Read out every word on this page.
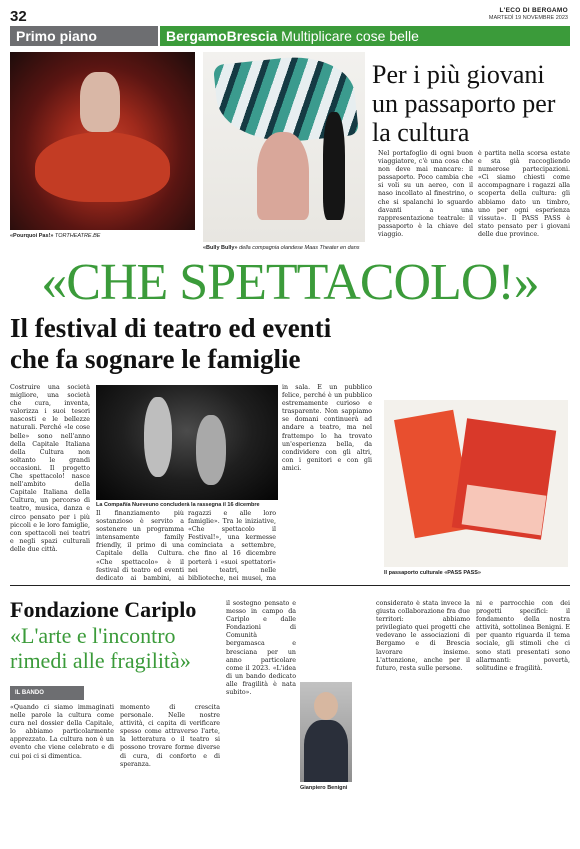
32	L'ECO DI BERGAMO
MARTEDÌ 19 NOVEMBRE 2023
Primo piano	BergamoBrescia Multiplicare cose belle
«Pourquoi Pas!» TORTHEATRE.BE
«Bully Bully» della compagnia olandese Maas Theater en dans
Per i più giovani un passaporto per la cultura
«CHE SPETTACOLO!»
Il festival di teatro ed eventi che fa sognare le famiglie
Costruire una società migliore, una società che cura, inventa, valorizza i suoi tesori nascosti e le bellezze naturali. Perché «le cose belle» sono nell'anno della Capitale Italiana della Cultura non soltanto le grandi occasioni. Il progetto Che spettacolo! nasce nell'ambito della Capitale Italiana della Cultura, un percorso di teatro, musica, danza e circo pensato per i più piccoli e le loro famiglie, con spettacoli nei teatri e negli spazi culturali delle due città.
Il finanziamento più sostanzioso è servito a sostenere un programma intensamente family friendly, il primo di una Capitale della Cultura. «Che spettacolo» è il festival di teatro ed eventi dedicato ai bambini, ai
ragazzi e alle loro famiglie». Tra le iniziative, «Che spettacolo il Festival!», una kermesse cominciata a settembre, che fino al 16 dicembre porterà i «suoi spettatori» nei teatri, nelle biblioteche, nei musei, ma
La Compañía Nueveuno concluderà la rassegna il 16 dicembre
in sala. E un pubblico felice, perché è un pubblico estremamente curioso e trasparente. Non sappiamo se domani continuerà ad andare a teatro, ma nel frattempo lo ha trovato un'esperienza bella, da condividere con gli altri, con i genitori e con gli amici.
Nel portafoglio di ogni buon viaggiatore, c'è una cosa che non deve mai mancare: il passaporto. Poco cambia che si voli su un aereo, con il naso incollato al finestrino, o che si spalanchi lo sguardo davanti a una rappresentazione teatrale: il passaporto è la chiave del viaggio.
è partita nella scorsa estate e sta già raccogliendo numerose partecipazioni. «Ci siamo chiesti come accompagnare i ragazzi alla scoperta della cultura: gli abbiamo dato un timbro, uno per ogni esperienza vissuta». Il PASS PASS è stato pensato per i giovani delle due province.
Il passaporto culturale «PASS PASS»
Fondazione Cariplo
«L'arte e l'incontro rimedi alle fragilità»
IL BANDO
«Quando ci siamo immaginati nelle parole la cultura come cura nel dossier della Capitale, lo abbiamo particolarmente apprezzato. La cultura non è un evento che viene celebrato e di cui poi ci si dimentica.
momento di crescita personale. Nelle nostre attività, ci capita di verificare spesso come attraverso l'arte, la letteratura o il teatro si possono trovare forme diverse di cura, di conforto e di speranza.
il sostegno pensato e messo in campo da Cariplo e dalle Fondazioni di Comunità bergamasca e bresciana per un anno particolare come il 2023. «L'idea di un bando dedicato alle fragilità è nata subito».
Gianpiero Benigni
considerato è stata invece la giusta collaborazione fra due territori: abbiamo privilegiato quei progetti che vedevano le associazioni di Bergamo e di Brescia lavorare insieme. L'attenzione, anche per il futuro, resta sulle persone.
ni e parrocchie con dei progetti specifici: il fondamento della nostra attività, sottolinea Benigni. E per quanto riguarda il tema sociale, gli stimoli che ci sono stati presentati sono allarmanti: povertà, solitudine e fragilità.
